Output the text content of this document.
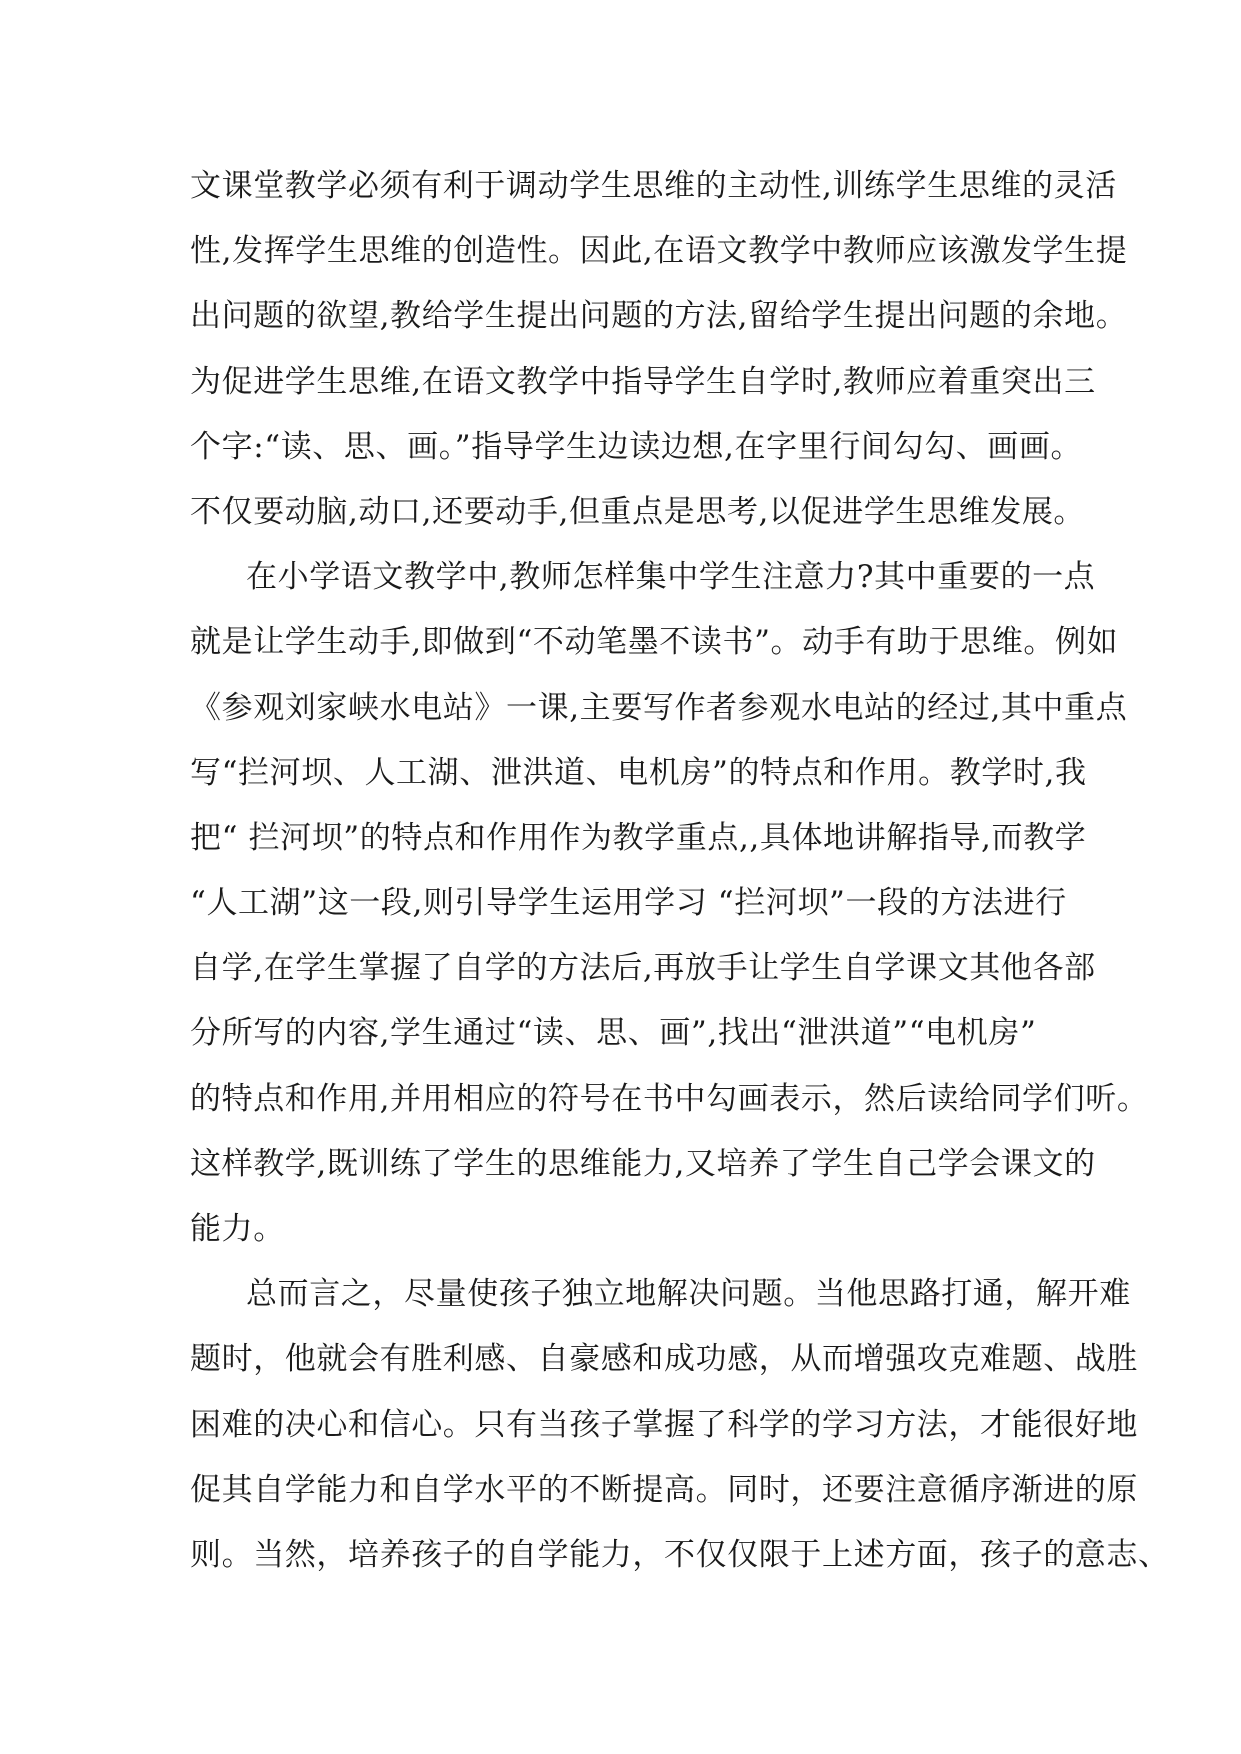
文课堂教学必须有利于调动学生思维的主动性,训练学生思维的灵活
性,发挥学生思维的创造性。因此,在语文教学中教师应该激发学生提
出问题的欲望,教给学生提出问题的方法,留给学生提出问题的余地。
为促进学生思维,在语文教学中指导学生自学时,教师应着重突出三
个字:“读、思、画。”指导学生边读边想,在字里行间勾勾、画画。
不仅要动脑,动口,还要动手,但重点是思考,以促进学生思维发展。
在小学语文教学中,教师怎样集中学生注意力?其中重要的一点
就是让学生动手,即做到“不动笔墨不读书”。动手有助于思维。例如
《参观刘家峡水电站》一课,主要写作者参观水电站的经过,其中重点
写“拦河坝、人工湖、泄洪道、电机房”的特点和作用。教学时,我
把“ 拦河坝”的特点和作用作为教学重点,,具体地讲解指导,而教学
“人工湖”这一段,则引导学生运用学习 “拦河坝”一段的方法进行
自学,在学生掌握了自学的方法后,再放手让学生自学课文其他各部
分所写的内容,学生通过“读、思、画”,找出“泄洪道”“电机房”
的特点和作用,并用相应的符号在书中勾画表示，然后读给同学们听。
这样教学,既训练了学生的思维能力,又培养了学生自己学会课文的
能力。
总而言之，尽量使孩子独立地解决问题。当他思路打通，解开难
题时，他就会有胜利感、自豪感和成功感，从而增强攻克难题、战胜
困难的决心和信心。只有当孩子掌握了科学的学习方法，才能很好地
促其自学能力和自学水平的不断提高。同时，还要注意循序渐进的原
则。当然，培养孩子的自学能力，不仅仅限于上述方面，孩子的意志、
